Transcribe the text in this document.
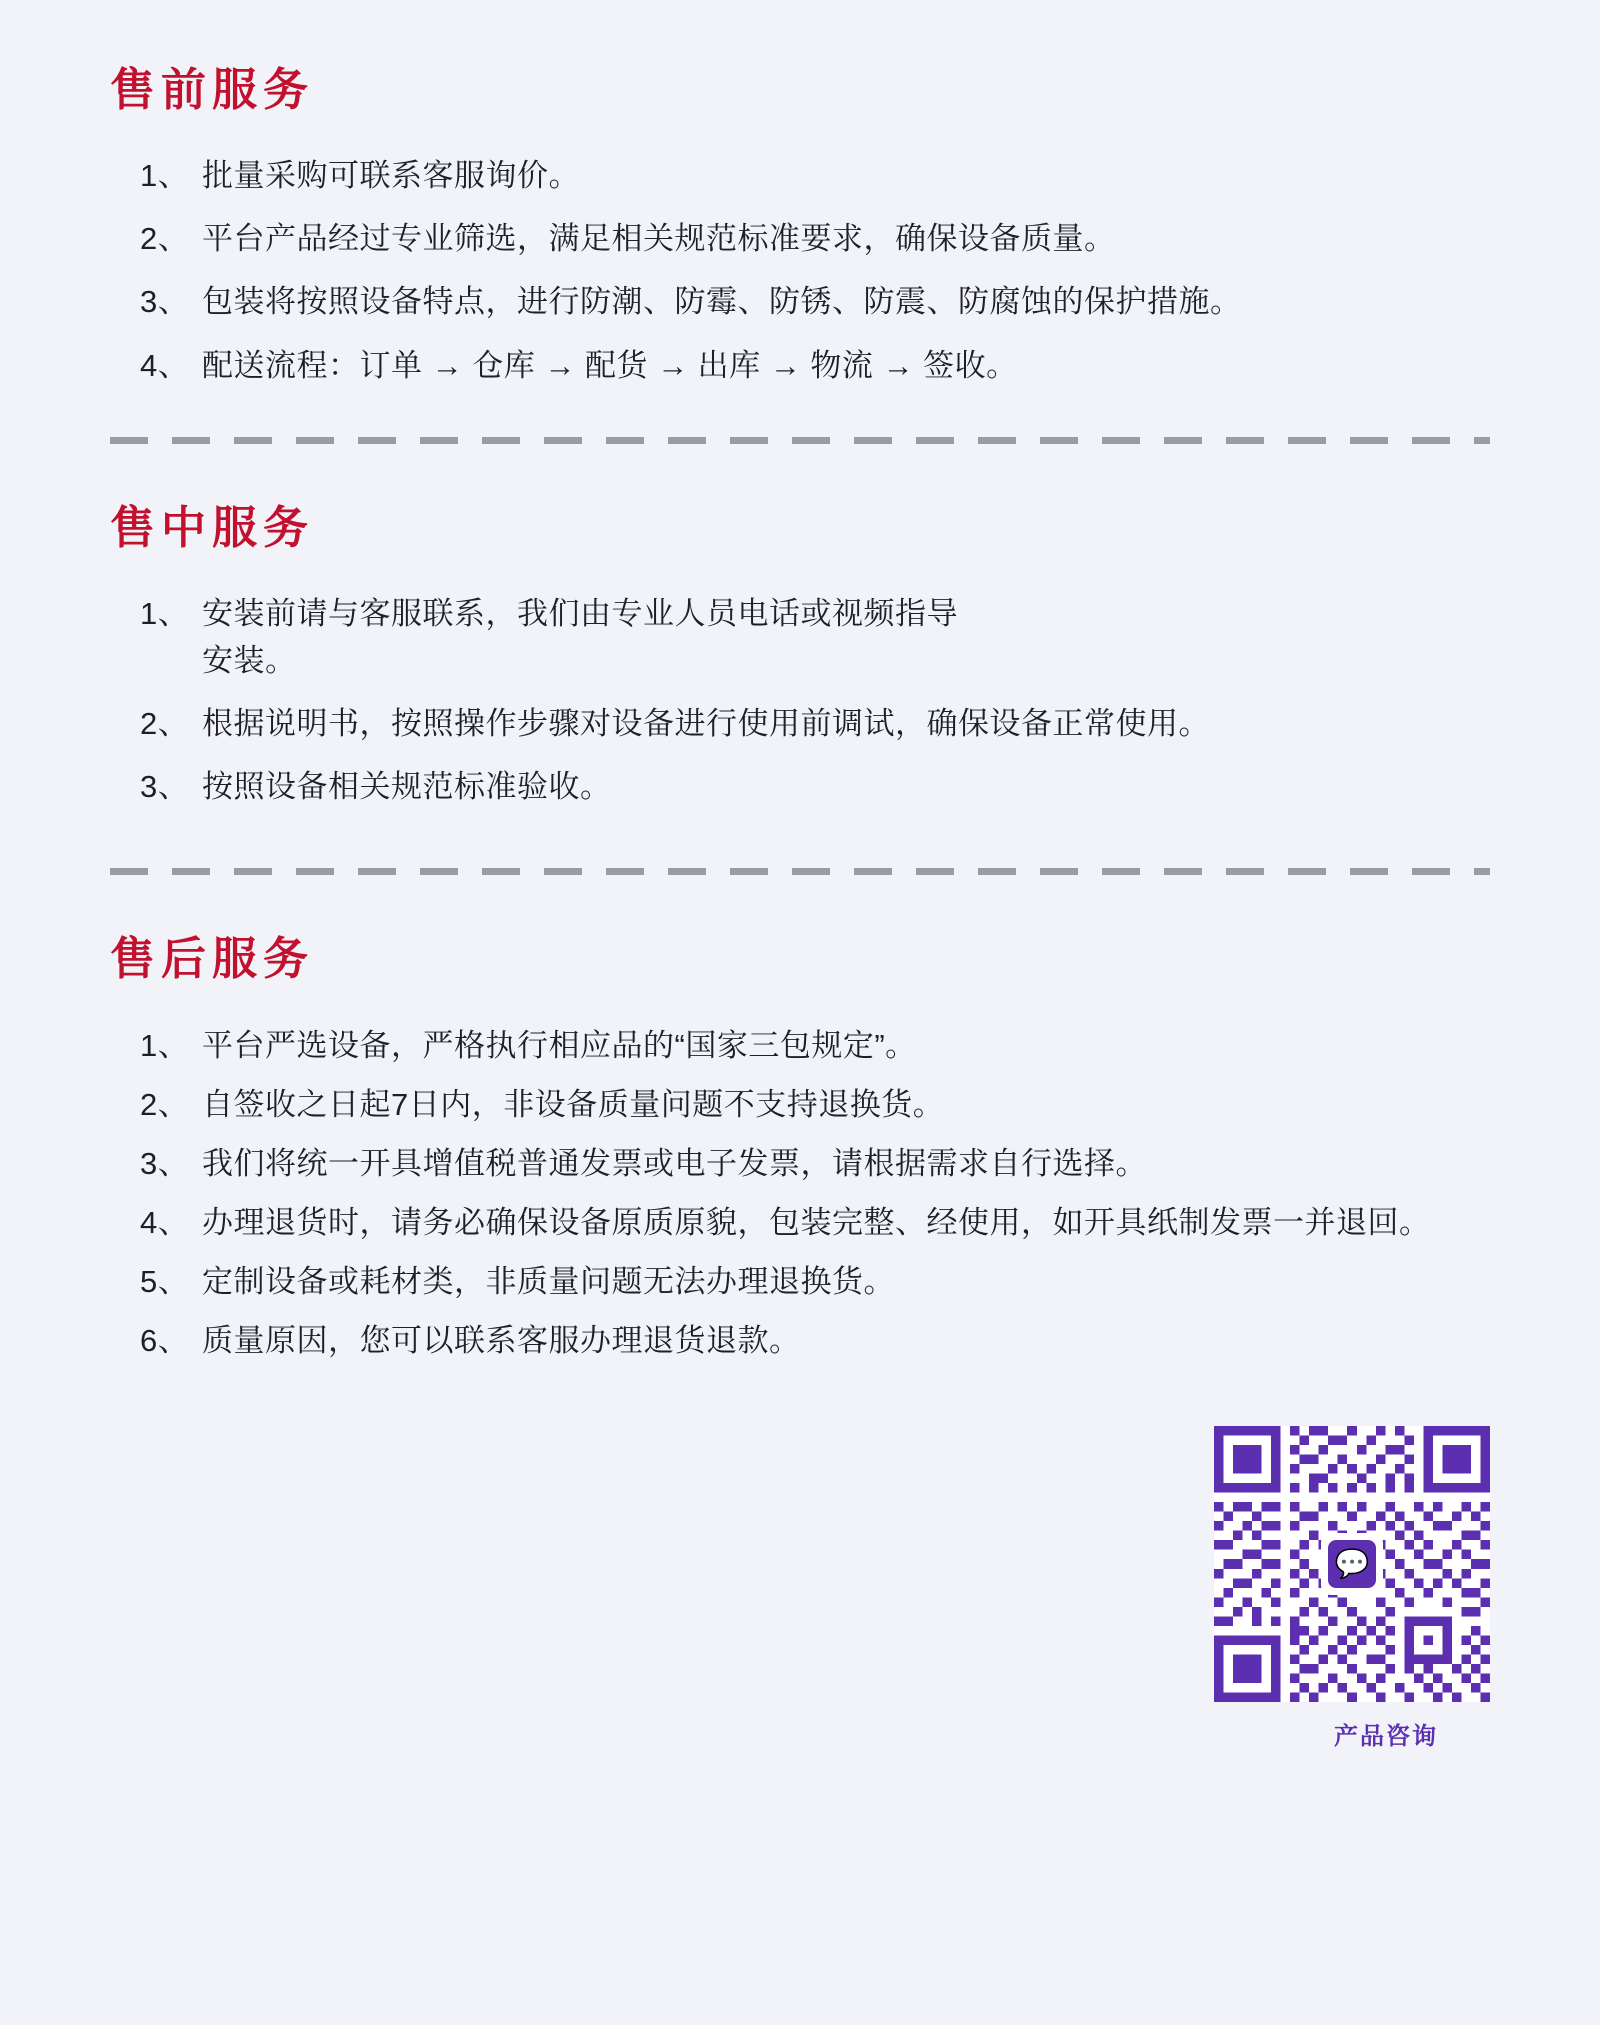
售前服务
1、 批量采购可联系客服询价。
2、 平台产品经过专业筛选，满足相关规范标准要求，确保设备质量。
3、 包装将按照设备特点，进行防潮、防霉、防锈、防震、防腐蚀的保护措施。
4、 配送流程：订单 → 仓库 → 配货 → 出库 → 物流 → 签收。
售中服务
1、 安装前请与客服联系，我们由专业人员电话或视频指导安装。
2、 根据说明书，按照操作步骤对设备进行使用前调试，确保设备正常使用。
3、 按照设备相关规范标准验收。
售后服务
1、 平台严选设备，严格执行相应品的“国家三包规定”。
2、 自签收之日起7日内，非设备质量问题不支持退换货。
3、 我们将统一开具增值税普通发票或电子发票，请根据需求自行选择。
4、 办理退货时，请务必确保设备原质原貌，包装完整、经使用，如开具纸制发票一并退回。
5、 定制设备或耗材类，非质量问题无法办理退换货。
6、 质量原因，您可以联系客服办理退货退款。
💬
产品咨询
